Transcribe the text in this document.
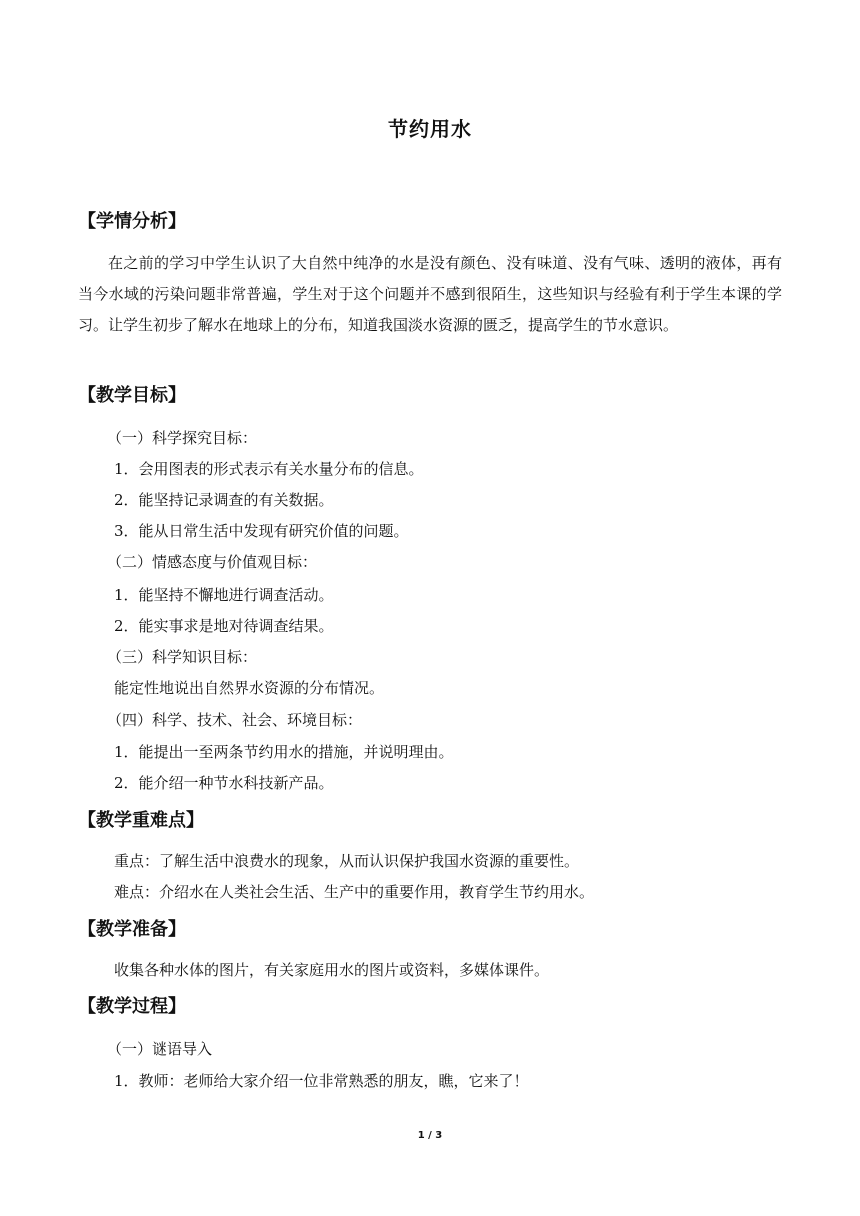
节约用水
【学情分析】
在之前的学习中学生认识了大自然中纯净的水是没有颜色、没有味道、没有气味、透明的液体，再有当今水域的污染问题非常普遍，学生对于这个问题并不感到很陌生，这些知识与经验有利于学生本课的学习。让学生初步了解水在地球上的分布，知道我国淡水资源的匮乏，提高学生的节水意识。
【教学目标】
（一）科学探究目标：
1．会用图表的形式表示有关水量分布的信息。
2．能坚持记录调查的有关数据。
3．能从日常生活中发现有研究价值的问题。
（二）情感态度与价值观目标：
1．能坚持不懈地进行调查活动。
2．能实事求是地对待调查结果。
（三）科学知识目标：
能定性地说出自然界水资源的分布情况。
（四）科学、技术、社会、环境目标：
1．能提出一至两条节约用水的措施，并说明理由。
2．能介绍一种节水科技新产品。
【教学重难点】
重点：了解生活中浪费水的现象，从而认识保护我国水资源的重要性。
难点：介绍水在人类社会生活、生产中的重要作用，教育学生节约用水。
【教学准备】
收集各种水体的图片，有关家庭用水的图片或资料，多媒体课件。
【教学过程】
（一）谜语导入
1．教师：老师给大家介绍一位非常熟悉的朋友，瞧，它来了！
1 / 3
